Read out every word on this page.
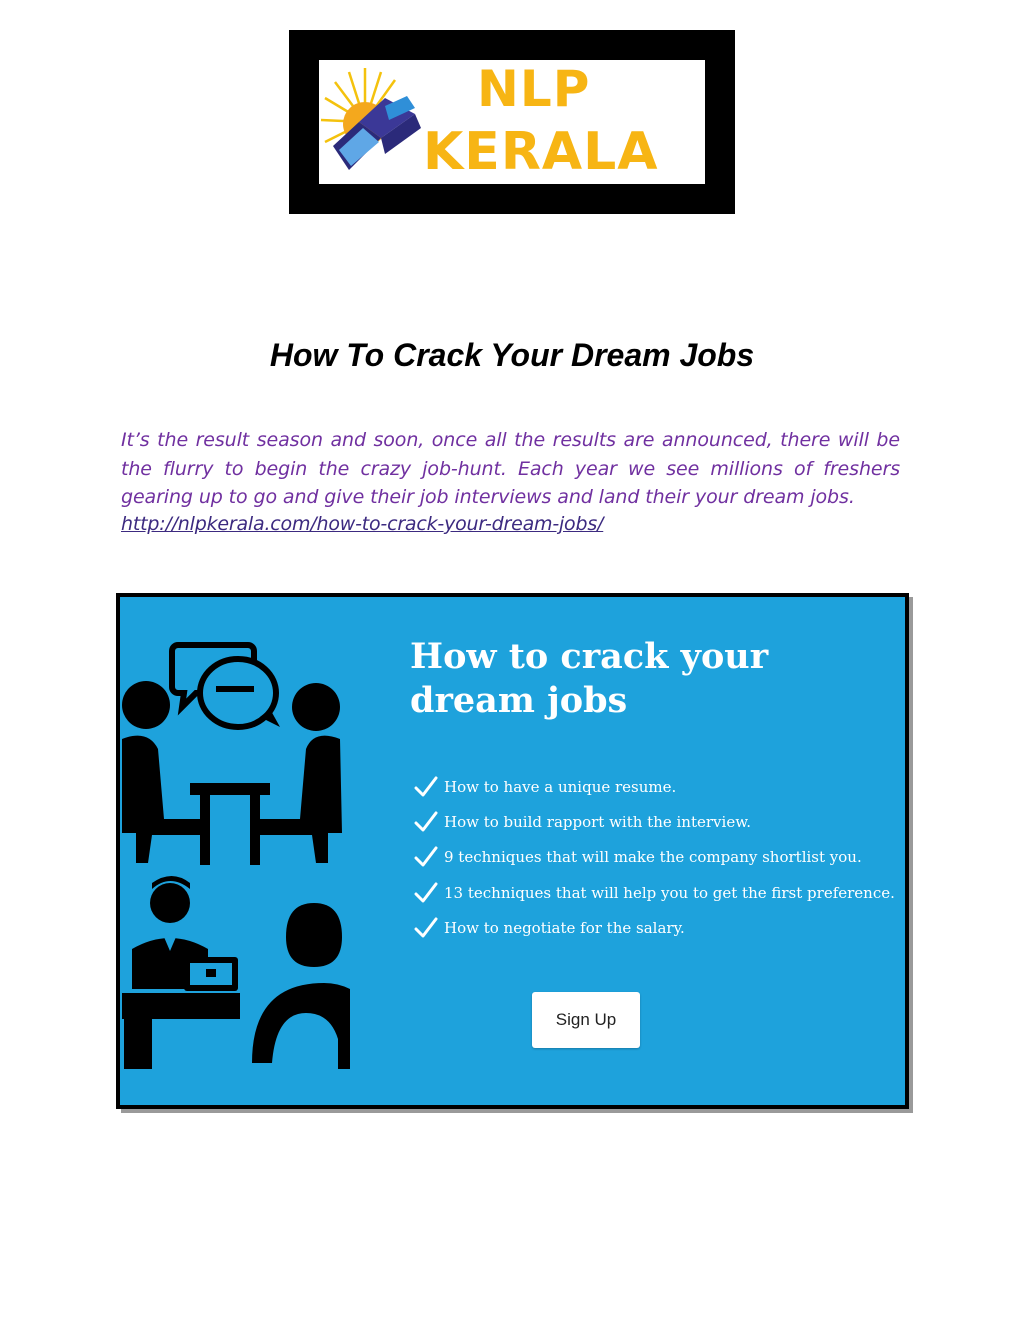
NLP
KERALA
How To Crack Your Dream Jobs
It’s the result season and soon, once all the results are announced, there will be the flurry to begin the crazy job-hunt. Each year we see millions of freshers gearing up to go and give their job interviews and land their your dream jobs.
http://nlpkerala.com/how-to-crack-your-dream-jobs/
How to crack your dream jobs
How to have a unique resume.
How to build rapport with the interview.
9 techniques that will make the company shortlist you.
13 techniques that will help you to get the first preference.
How to negotiate for the salary.
Sign Up
